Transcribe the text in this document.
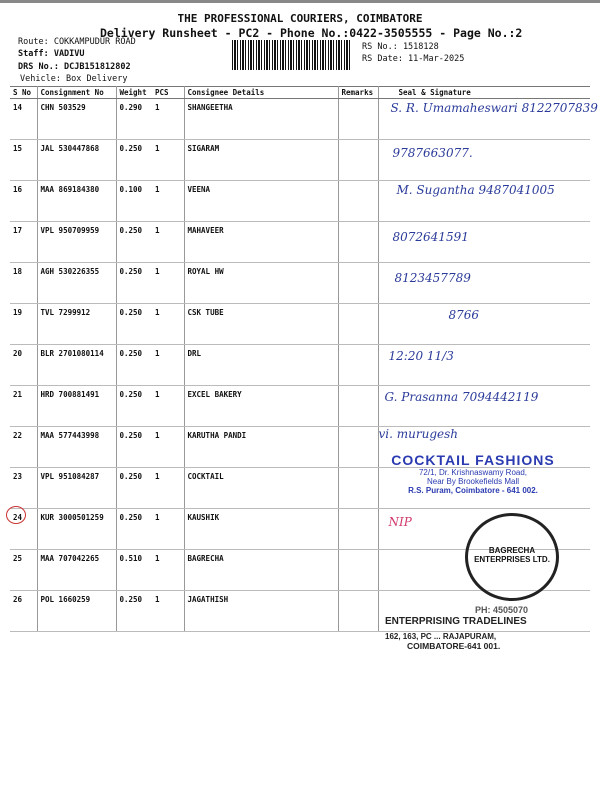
THE PROFESSIONAL COURIERS, COIMBATORE
Delivery Runsheet - PC2 - Phone No.:0422-3505555 - Page No.:2
Route: COKKAMPUDUR ROAD
Staff: VADIVU
DRS No.: DCJB151812802
Vehicle: Box Delivery
RS No.: 1518128
RS Date: 11-Mar-2025
S No	Consignment No	Weight	PCS	Consignee Details	Remarks	Seal & Signature
14	CHN 503529	0.290	1	SHANGEETHA		S. R. Umamaheswari 8122707839

15	JAL 530447868	0.250	1	SIGARAM		9787663077.

16	MAA 869184380	0.100	1	VEENA		M. Sugantha 9487041005

17	VPL 950709959	0.250	1	MAHAVEER		8072641591

18	AGH 530226355	0.250	1	ROYAL HW		8123457789

19	TVL 7299912	0.250	1	CSK TUBE		8766

20	BLR 2701080114	0.250	1	DRL		12:20 11/3

21	HRD 700881491	0.250	1	EXCEL BAKERY		G. Prasanna 7094442119

22	MAA 577443998	0.250	1	KARUTHA PANDI		vi. murugesh

23	VPL 951084287	0.250	1	COCKTAIL		
24	KUR 3000501259	0.250	1	KAUSHIK		NIP

25	MAA 707042265	0.510	1	BAGRECHA		
26	POL 1660259	0.250	1	JAGATHISH		
COCKTAIL FASHIONS
72/1, Dr. Krishnaswamy Road,
Near By Brookefields Mall
R.S. Puram, Coimbatore - 641 002.
BAGRECHA ENTERPRISES LTD.
PH: 4505070
ENTERPRISING TRADELINES
162, 163, PC ... RAJAPURAM,
COIMBATORE-641 001.
